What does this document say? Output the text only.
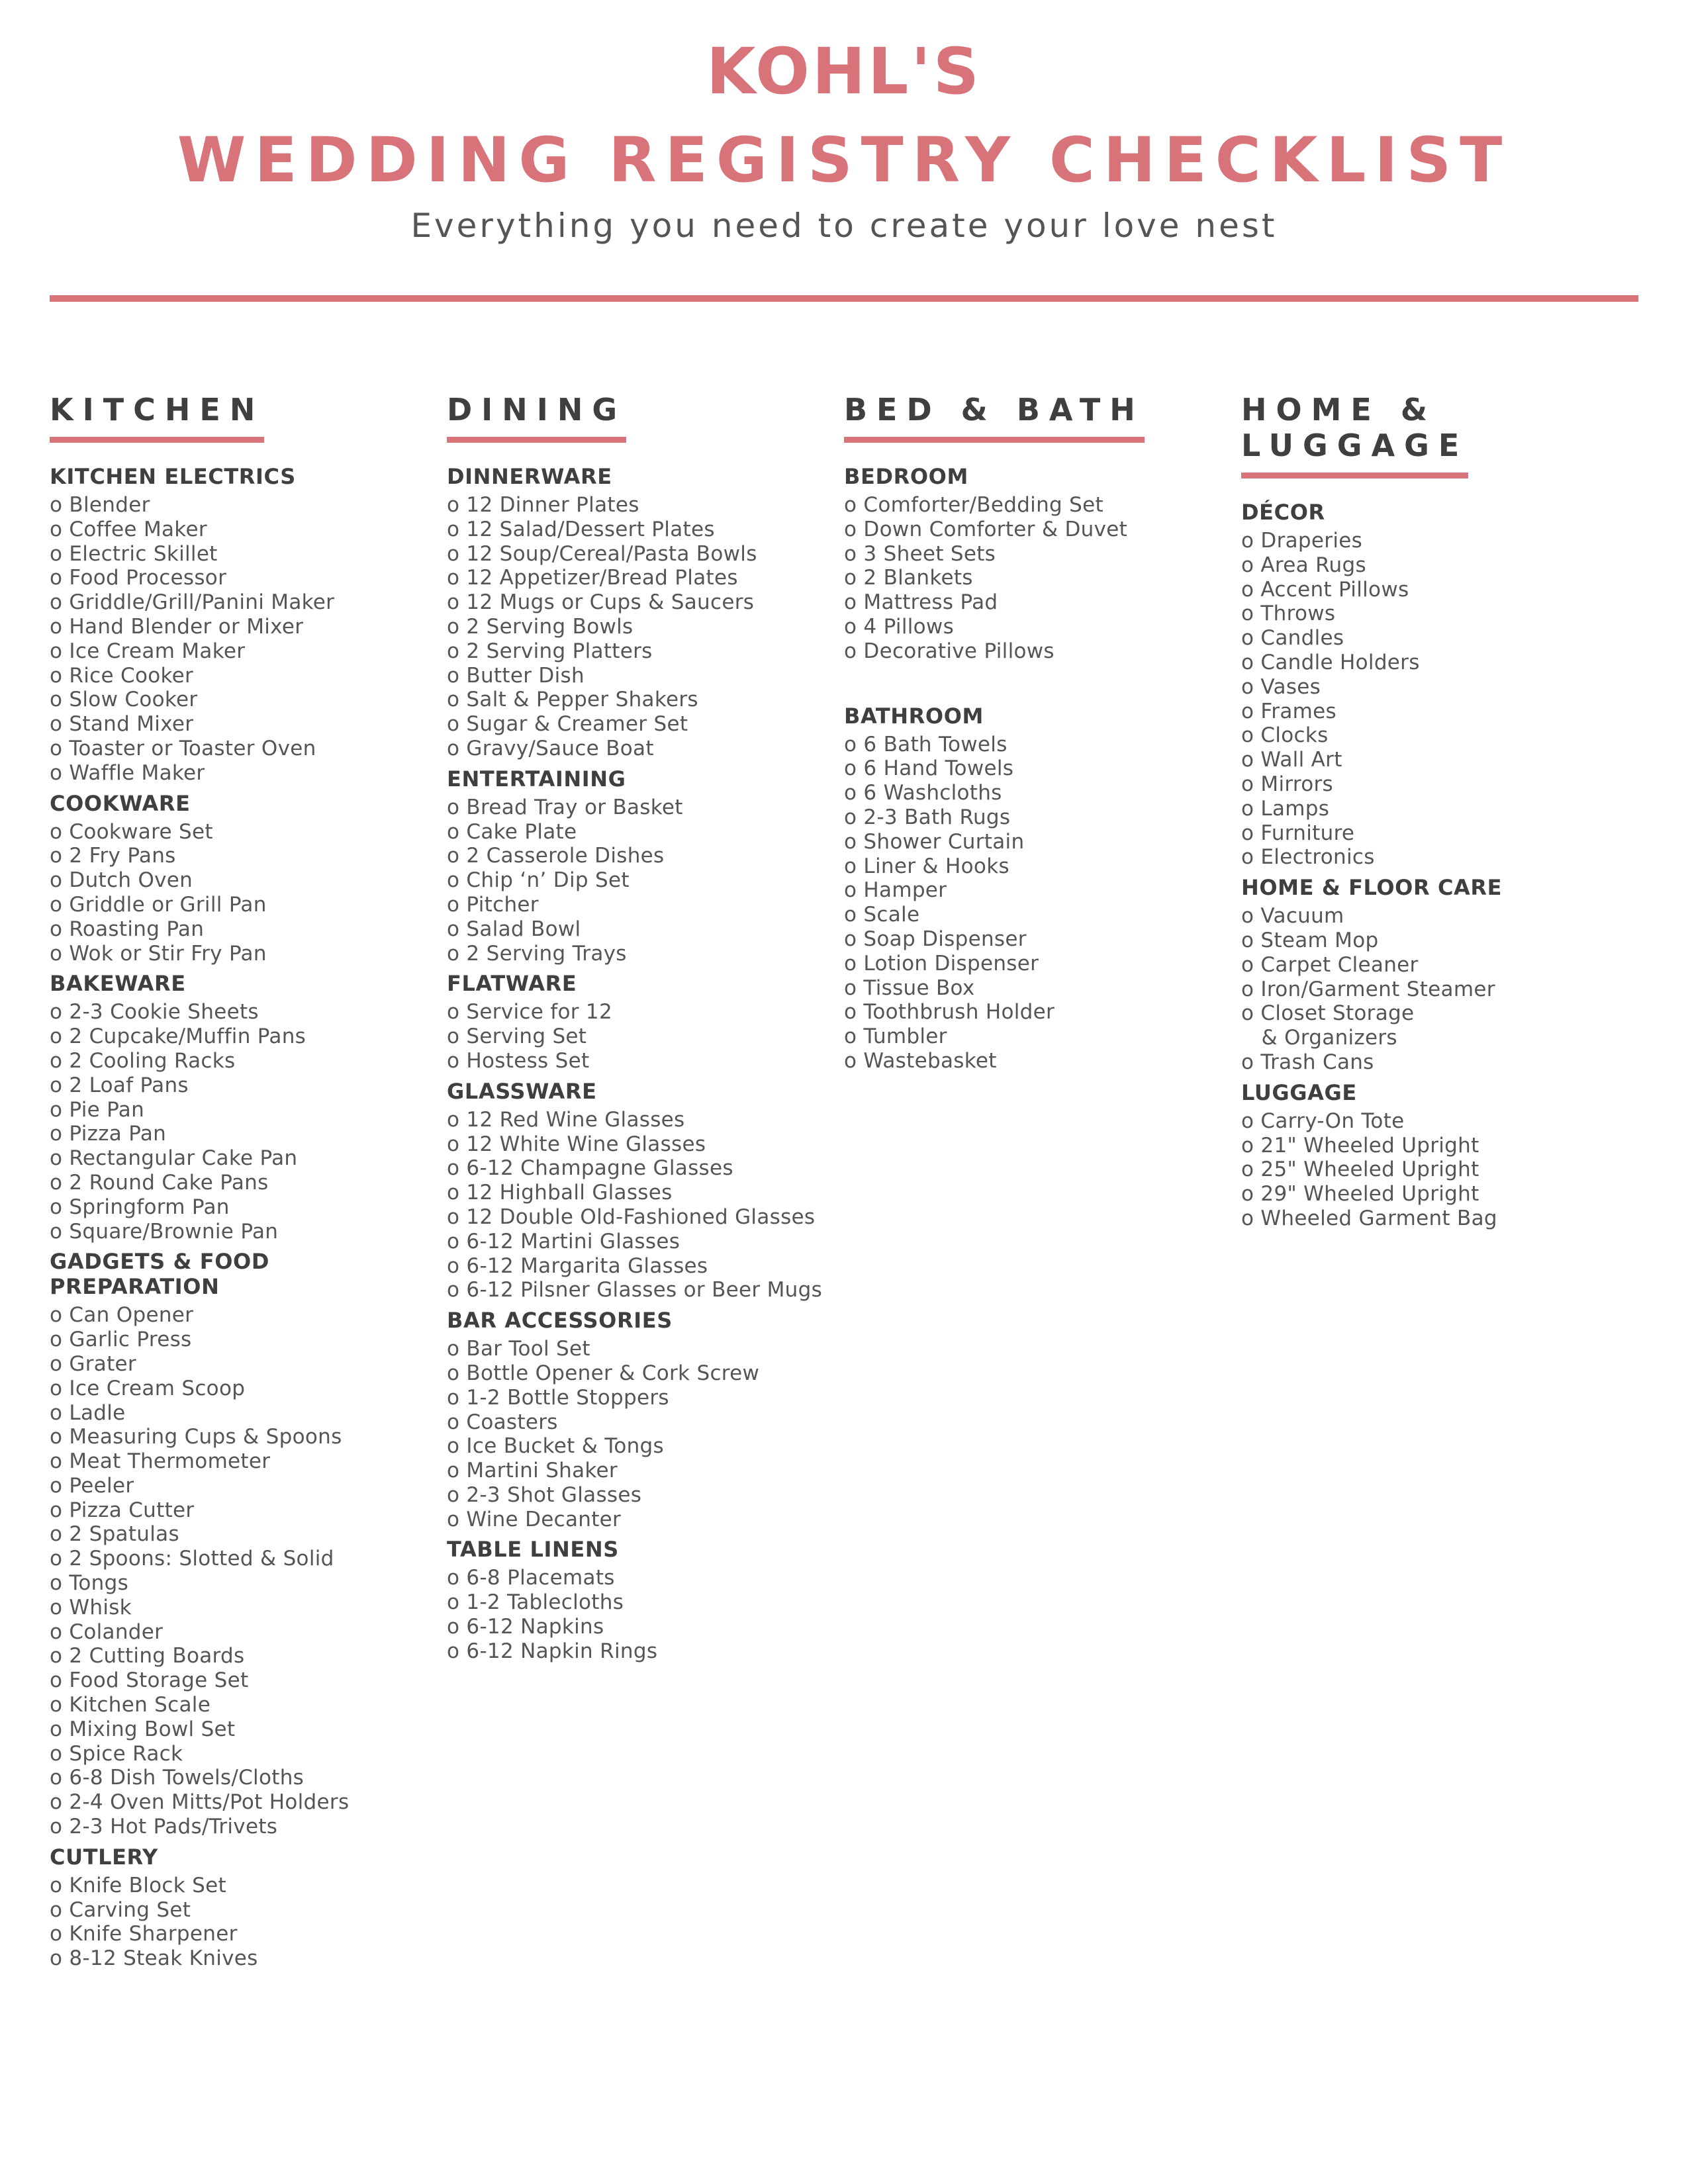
KOHL'S
WEDDING REGISTRY CHECKLIST
Everything you need to create your love nest
KITCHEN
KITCHEN ELECTRICS
o Blender
o Coffee Maker
o Electric Skillet
o Food Processor
o Griddle/Grill/Panini Maker
o Hand Blender or Mixer
o Ice Cream Maker
o Rice Cooker
o Slow Cooker
o Stand Mixer
o Toaster or Toaster Oven
o Waffle Maker
COOKWARE
o Cookware Set
o 2 Fry Pans
o Dutch Oven
o Griddle or Grill Pan
o Roasting Pan
o Wok or Stir Fry Pan
BAKEWARE
o 2-3 Cookie Sheets
o 2 Cupcake/Muffin Pans
o 2 Cooling Racks
o 2 Loaf Pans
o Pie Pan
o Pizza Pan
o Rectangular Cake Pan
o 2 Round Cake Pans
o Springform Pan
o Square/Brownie Pan
GADGETS & FOOD
PREPARATION
o Can Opener
o Garlic Press
o Grater
o Ice Cream Scoop
o Ladle
o Measuring Cups & Spoons
o Meat Thermometer
o Peeler
o Pizza Cutter
o 2 Spatulas
o 2 Spoons: Slotted & Solid
o Tongs
o Whisk
o Colander
o 2 Cutting Boards
o Food Storage Set
o Kitchen Scale
o Mixing Bowl Set
o Spice Rack
o 6-8 Dish Towels/Cloths
o 2-4 Oven Mitts/Pot Holders
o 2-3 Hot Pads/Trivets
CUTLERY
o Knife Block Set
o Carving Set
o Knife Sharpener
o 8-12 Steak Knives
DINING
DINNERWARE
o 12 Dinner Plates
o 12 Salad/Dessert Plates
o 12 Soup/Cereal/Pasta Bowls
o 12 Appetizer/Bread Plates
o 12 Mugs or Cups & Saucers
o 2 Serving Bowls
o 2 Serving Platters
o Butter Dish
o Salt & Pepper Shakers
o Sugar & Creamer Set
o Gravy/Sauce Boat
ENTERTAINING
o Bread Tray or Basket
o Cake Plate
o 2 Casserole Dishes
o Chip ‘n’ Dip Set
o Pitcher
o Salad Bowl
o 2 Serving Trays
FLATWARE
o Service for 12
o Serving Set
o Hostess Set
GLASSWARE
o 12 Red Wine Glasses
o 12 White Wine Glasses
o 6-12 Champagne Glasses
o 12 Highball Glasses
o 12 Double Old-Fashioned Glasses
o 6-12 Martini Glasses
o 6-12 Margarita Glasses
o 6-12 Pilsner Glasses or Beer Mugs
BAR ACCESSORIES
o Bar Tool Set
o Bottle Opener & Cork Screw
o 1-2 Bottle Stoppers
o Coasters
o Ice Bucket & Tongs
o Martini Shaker
o 2-3 Shot Glasses
o Wine Decanter
TABLE LINENS
o 6-8 Placemats
o 1-2 Tablecloths
o 6-12 Napkins
o 6-12 Napkin Rings
BED & BATH
BEDROOM
o Comforter/Bedding Set
o Down Comforter & Duvet
o 3 Sheet Sets
o 2 Blankets
o Mattress Pad
o 4 Pillows
o Decorative Pillows
BATHROOM
o 6 Bath Towels
o 6 Hand Towels
o 6 Washcloths
o 2-3 Bath Rugs
o Shower Curtain
o Liner & Hooks
o Hamper
o Scale
o Soap Dispenser
o Lotion Dispenser
o Tissue Box
o Toothbrush Holder
o Tumbler
o Wastebasket
HOME &
LUGGAGE
DÉCOR
o Draperies
o Area Rugs
o Accent Pillows
o Throws
o Candles
o Candle Holders
o Vases
o Frames
o Clocks
o Wall Art
o Mirrors
o Lamps
o Furniture
o Electronics
HOME & FLOOR CARE
o Vacuum
o Steam Mop
o Carpet Cleaner
o Iron/Garment Steamer
o Closet Storage
& Organizers
o Trash Cans
LUGGAGE
o Carry-On Tote
o 21" Wheeled Upright
o 25" Wheeled Upright
o 29" Wheeled Upright
o Wheeled Garment Bag
